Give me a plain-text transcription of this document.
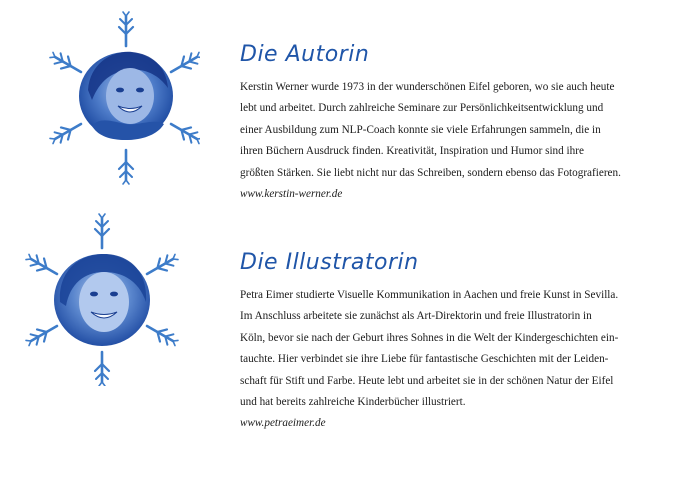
Die Autorin
Kerstin Werner wurde 1973 in der wunderschönen Eifel geboren, wo sie auch heute
lebt und arbeitet. Durch zahlreiche Seminare zur Persönlichkeitsentwicklung und
einer Ausbildung zum NLP-Coach konnte sie viele Erfahrungen sammeln, die in
ihren Büchern Ausdruck finden. Kreativität, Inspiration und Humor sind ihre
größten Stärken. Sie liebt nicht nur das Schreiben, sondern ebenso das Fotografieren.
www.kerstin-werner.de
Die Illustratorin
Petra Eimer studierte Visuelle Kommunikation in Aachen und freie Kunst in Sevilla.
Im Anschluss arbeitete sie zunächst als Art-Direktorin und freie Illustratorin in
Köln, bevor sie nach der Geburt ihres Sohnes in die Welt der Kindergeschichten ein-
tauchte. Hier verbindet sie ihre Liebe für fantastische Geschichten mit der Leiden-
schaft für Stift und Farbe. Heute lebt und arbeitet sie in der schönen Natur der Eifel
und hat bereits zahlreiche Kinderbücher illustriert.
www.petraeimer.de
